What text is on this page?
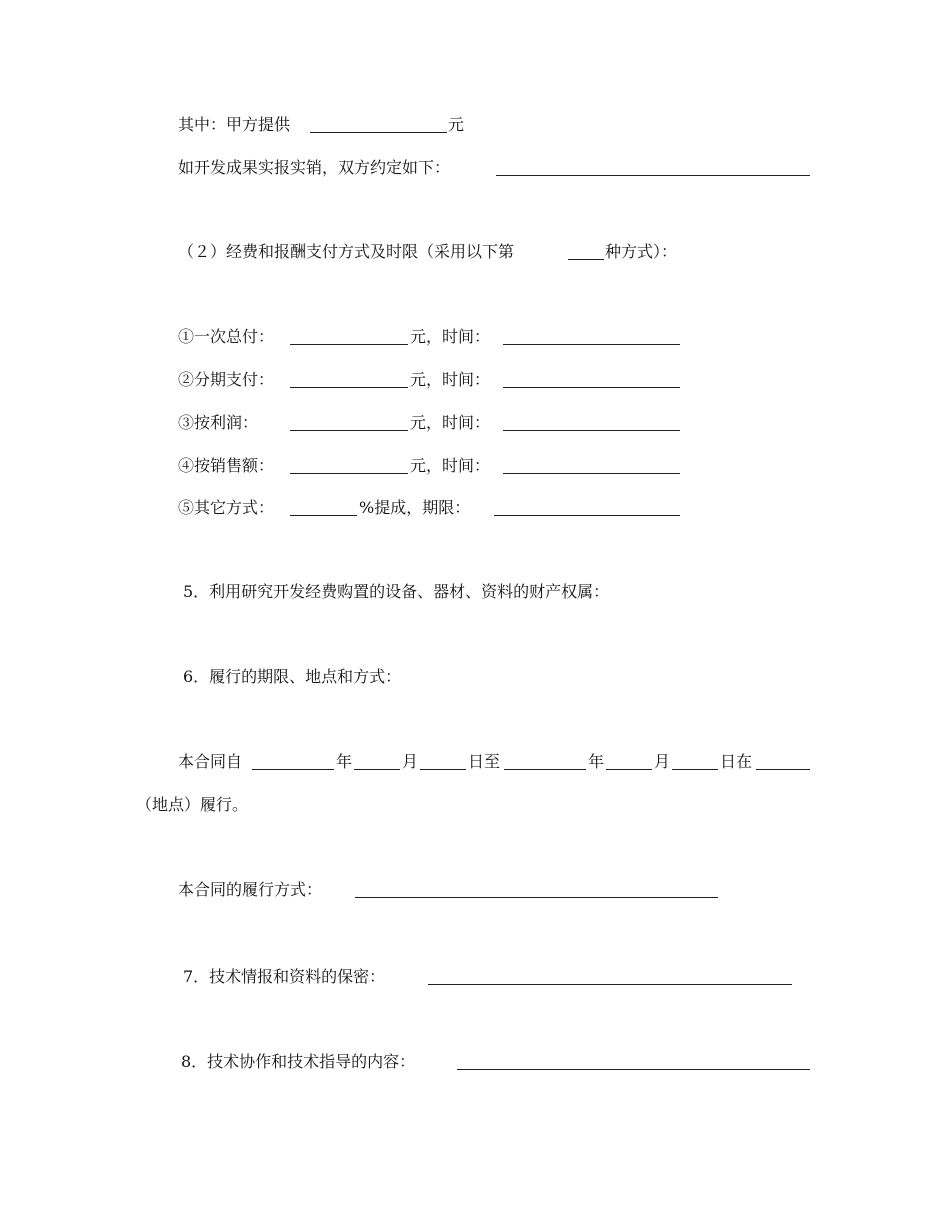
其中：甲方提供	元
如开发成果实报实销，双方约定如下：
（２）经费和报酬支付方式及时限（采用以下第	种方式）：
①一次总付：	元，时间：
②分期支付：	元，时间：
③按利润：	元，时间：
④按销售额：	元，时间：
⑤其它方式：	%提成，期限：
5．利用研究开发经费购置的设备、器材、资料的财产权属：
6．履行的期限、地点和方式：
本合同自	年	月	日至	年	月	日在
（地点）履行。
本合同的履行方式：
7．技术情报和资料的保密：
8．技术协作和技术指导的内容：
